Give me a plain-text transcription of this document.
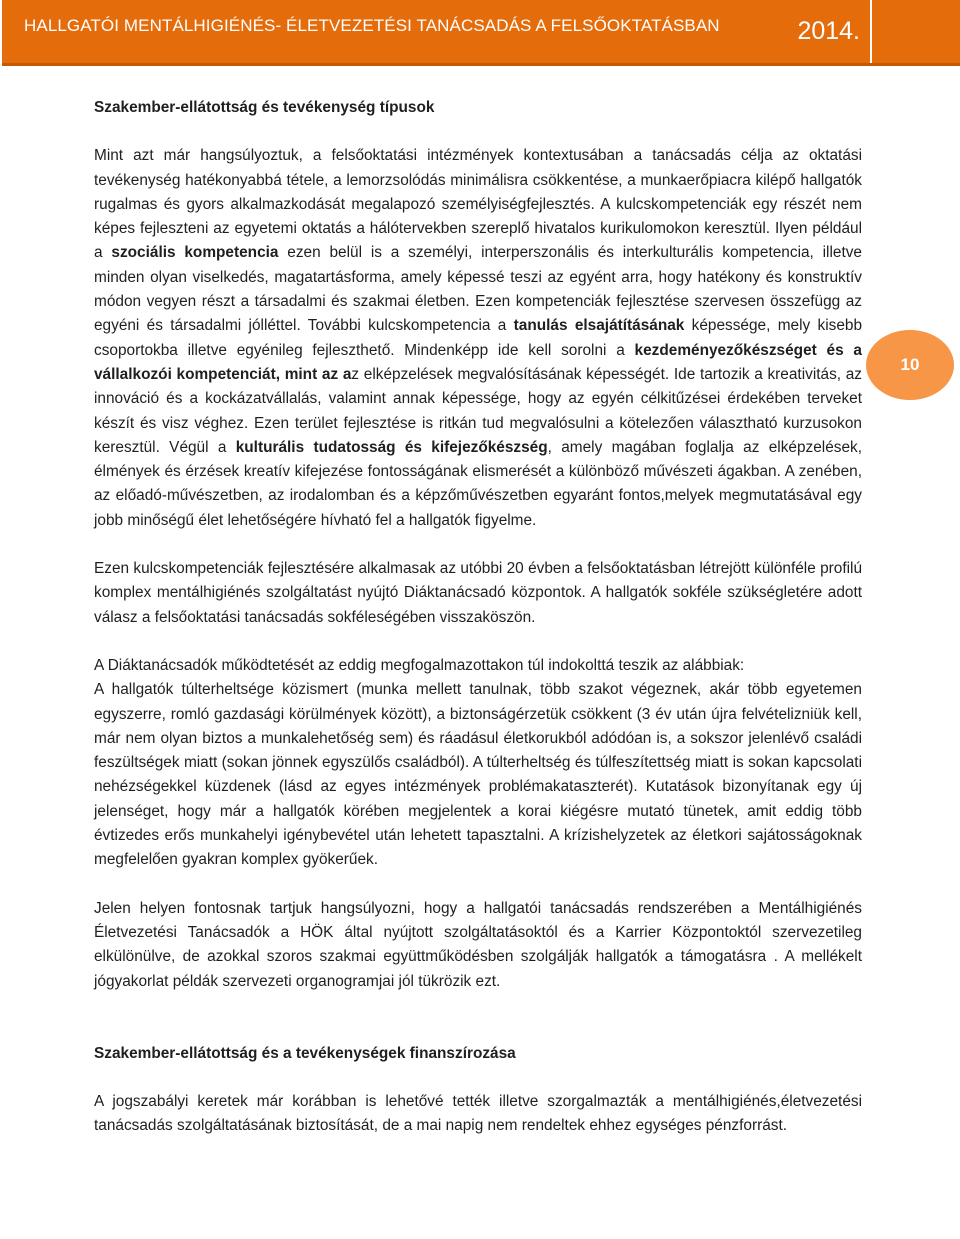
HALLGATÓI MENTÁLHIGIÉNÉS- ÉLETVEZETÉSI TANÁCSADÁS A FELSŐOKTATÁSBAN	2014.
10

Szakember-ellátottság és tevékenység típusok

Mint azt már hangsúlyoztuk, a felsőoktatási intézmények kontextusában a tanácsadás célja az oktatási tevékenység hatékonyabbá tétele, a lemorzsolódás minimálisra csökkentése, a munkaerőpiacra kilépő hallgatók rugalmas és gyors alkalmazkodását megalapozó személyiségfejlesztés. A kulcskompetenciák egy részét nem képes fejleszteni az egyetemi oktatás a hálótervekben szereplő hivatalos kurikulomokon keresztül. Ilyen például a szociális kompetencia ezen belül is a személyi, interperszonális és interkulturális kompetencia, illetve minden olyan viselkedés, magatartásforma, amely képessé teszi az egyént arra, hogy hatékony és konstruktív módon vegyen részt a társadalmi és szakmai életben. Ezen kompetenciák fejlesztése szervesen összefügg az egyéni és társadalmi jólléttel. További kulcskompetencia a tanulás elsajátításának képessége, mely kisebb csoportokba illetve egyénileg fejleszthető. Mindenképp ide kell sorolni a kezdeményezőkészséget és a vállalkozói kompetenciát, mint az az elképzelések megvalósításának képességét. Ide tartozik a kreativitás, az innováció és a kockázatvállalás, valamint annak képessége, hogy az egyén célkitűzései érdekében terveket készít és visz véghez. Ezen terület fejlesztése is ritkán tud megvalósulni a kötelezően választható kurzusokon keresztül. Végül a kulturális tudatosság és kifejezőkészség, amely magában foglalja az elképzelések, élmények és érzések kreatív kifejezése fontosságának elismerését a különböző művészeti ágakban. A zenében, az előadó-művészetben, az irodalomban és a képzőművészetben egyaránt fontos,melyek megmutatásával egy jobb minőségű élet lehetőségére hívható fel a hallgatók figyelme.

Ezen kulcskompetenciák fejlesztésére alkalmasak az utóbbi 20 évben a felsőoktatásban létrejött különféle profilú komplex mentálhigiénés szolgáltatást nyújtó Diáktanácsadó központok. A hallgatók sokféle szükségletére adott válasz a felsőoktatási tanácsadás sokféleségében visszaköszön.

A Diáktanácsadók működtetését az eddig megfogalmazottakon túl indokolttá teszik az alábbiak:

A hallgatók túlterheltsége közismert (munka mellett tanulnak, több szakot végeznek, akár több egyetemen egyszerre, romló gazdasági körülmények között), a biztonságérzetük csökkent (3 év után újra felvételizniük kell, már nem olyan biztos a munkalehetőség sem) és ráadásul életkorukból adódóan is, a sokszor jelenlévő családi feszültségek miatt (sokan jönnek egyszülős családból). A túlterheltség és túlfeszítettség miatt is sokan kapcsolati nehézségekkel küzdenek (lásd az egyes intézmények problémakataszterét). Kutatások bizonyítanak egy új jelenséget, hogy már a hallgatók körében megjelentek a korai kiégésre mutató tünetek, amit eddig több évtizedes erős munkahelyi igénybevétel után lehetett tapasztalni. A krízishelyzetek az életkori sajátosságoknak megfelelően gyakran komplex gyökerűek.

Jelen helyen fontosnak tartjuk hangsúlyozni, hogy a hallgatói tanácsadás rendszerében a Mentálhigiénés Életvezetési Tanácsadók a HÖK által nyújtott szolgáltatásoktól és a Karrier Központoktól szervezetileg elkülönülve, de azokkal szoros szakmai együttműködésben szolgálják hallgatók a támogatásra . A mellékelt jógyakorlat példák szervezeti organogramjai jól tükrözik ezt.

Szakember-ellátottság és a tevékenységek finanszírozása

A jogszabályi keretek már korábban is lehetővé tették illetve szorgalmazták a mentálhigiénés,életvezetési tanácsadás szolgáltatásának biztosítását, de a mai napig nem rendeltek ehhez egységes pénzforrást.
